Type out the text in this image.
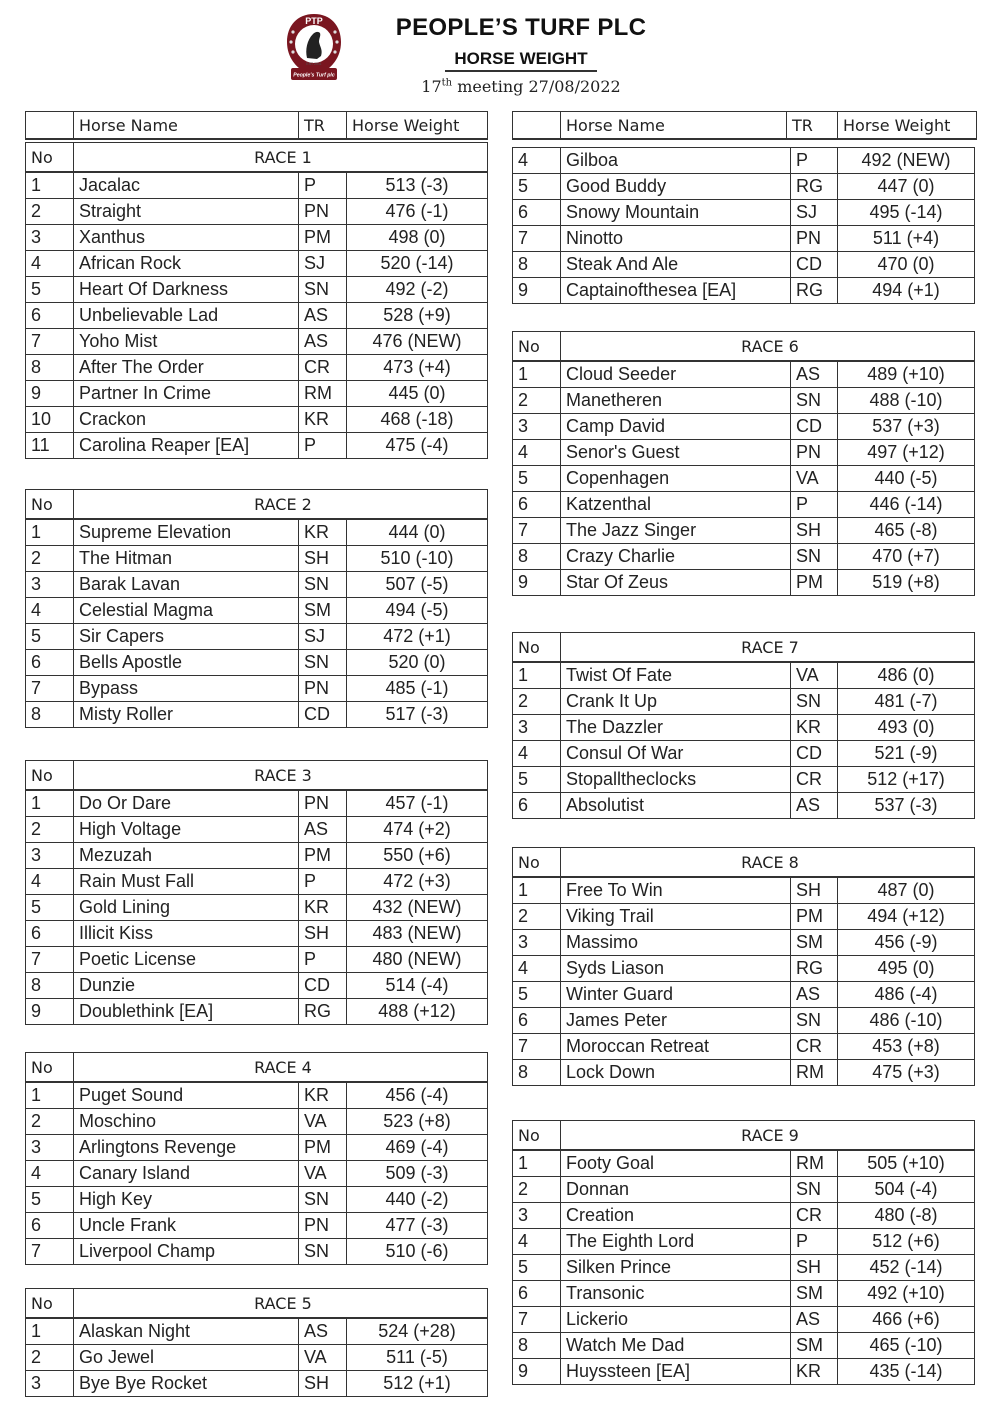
PTP
EST 2011
People's Turf plc
PEOPLE’S TURF PLC
HORSE WEIGHT
17th meeting 27/08/2022
	Horse Name	TR	Horse Weight
No	RACE 1		
1	Jacalac	P	513 (-3)
2	Straight	PN	476 (-1)
3	Xanthus	PM	498 (0)
4	African Rock	SJ	520 (-14)
5	Heart Of Darkness	SN	492 (-2)
6	Unbelievable Lad	AS	528 (+9)
7	Yoho Mist	AS	476 (NEW)
8	After The Order	CR	473 (+4)
9	Partner In Crime	RM	445 (0)
10	Crackon	KR	468 (-18)
11	Carolina Reaper [EA]	P	475 (-4)
No	RACE 2		
1	Supreme Elevation	KR	444 (0)
2	The Hitman	SH	510 (-10)
3	Barak Lavan	SN	507 (-5)
4	Celestial Magma	SM	494 (-5)
5	Sir Capers	SJ	472 (+1)
6	Bells Apostle	SN	520 (0)
7	Bypass	PN	485 (-1)
8	Misty Roller	CD	517 (-3)
No	RACE 3		
1	Do Or Dare	PN	457 (-1)
2	High Voltage	AS	474 (+2)
3	Mezuzah	PM	550 (+6)
4	Rain Must Fall	P	472 (+3)
5	Gold Lining	KR	432 (NEW)
6	Illicit Kiss	SH	483 (NEW)
7	Poetic License	P	480 (NEW)
8	Dunzie	CD	514 (-4)
9	Doublethink [EA]	RG	488 (+12)
No	RACE 4		
1	Puget Sound	KR	456 (-4)
2	Moschino	VA	523 (+8)
3	Arlingtons Revenge	PM	469 (-4)
4	Canary Island	VA	509 (-3)
5	High Key	SN	440 (-2)
6	Uncle Frank	PN	477 (-3)
7	Liverpool Champ	SN	510 (-6)
No	RACE 5		
1	Alaskan Night	AS	524 (+28)
2	Go Jewel	VA	511 (-5)
3	Bye Bye Rocket	SH	512 (+1)
	Horse Name	TR	Horse Weight
4	Gilboa	P	492 (NEW)
5	Good Buddy	RG	447 (0)
6	Snowy Mountain	SJ	495 (-14)
7	Ninotto	PN	511 (+4)
8	Steak And Ale	CD	470 (0)
9	Captainofthesea [EA]	RG	494 (+1)
No	RACE 6		
1	Cloud Seeder	AS	489 (+10)
2	Manetheren	SN	488 (-10)
3	Camp David	CD	537 (+3)
4	Senor's Guest	PN	497 (+12)
5	Copenhagen	VA	440 (-5)
6	Katzenthal	P	446 (-14)
7	The Jazz Singer	SH	465 (-8)
8	Crazy Charlie	SN	470 (+7)
9	Star Of Zeus	PM	519 (+8)
No	RACE 7		
1	Twist Of Fate	VA	486 (0)
2	Crank It Up	SN	481 (-7)
3	The Dazzler	KR	493 (0)
4	Consul Of War	CD	521 (-9)
5	Stopalltheclocks	CR	512 (+17)
6	Absolutist	AS	537 (-3)
No	RACE 8		
1	Free To Win	SH	487 (0)
2	Viking Trail	PM	494 (+12)
3	Massimo	SM	456 (-9)
4	Syds Liason	RG	495 (0)
5	Winter Guard	AS	486 (-4)
6	James Peter	SN	486 (-10)
7	Moroccan Retreat	CR	453 (+8)
8	Lock Down	RM	475 (+3)
No	RACE 9		
1	Footy Goal	RM	505 (+10)
2	Donnan	SN	504 (-4)
3	Creation	CR	480 (-8)
4	The Eighth Lord	P	512 (+6)
5	Silken Prince	SH	452 (-14)
6	Transonic	SM	492 (+10)
7	Lickerio	AS	466 (+6)
8	Watch Me Dad	SM	465 (-10)
9	Huyssteen [EA]	KR	435 (-14)
